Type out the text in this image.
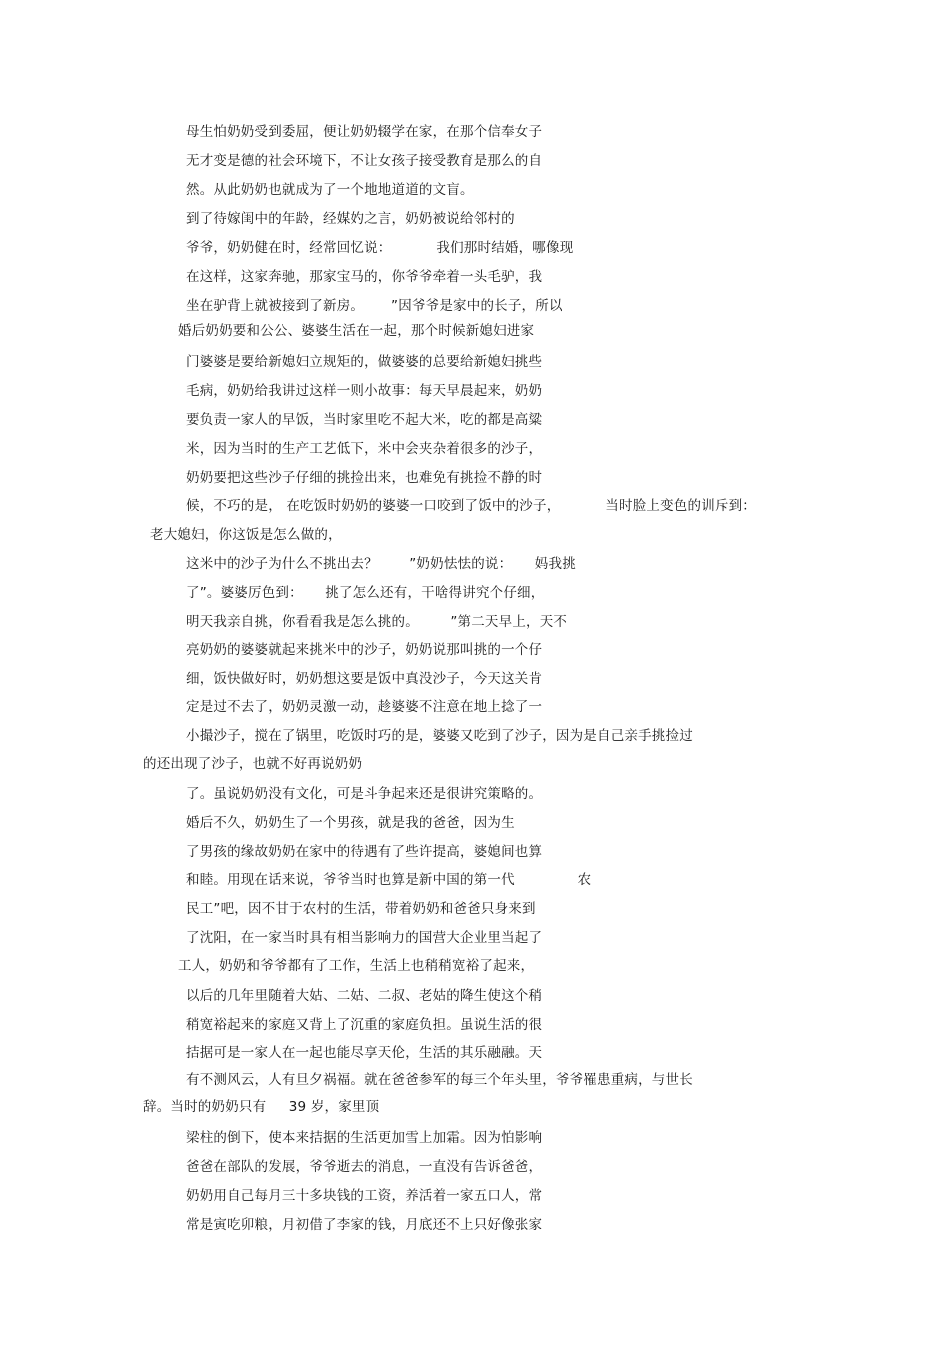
母生怕奶奶受到委屈，便让奶奶辍学在家，在那个信奉女子
无才变是德的社会环境下，不让女孩子接受教育是那么的自
然。从此奶奶也就成为了一个地地道道的文盲。
到了待嫁闺中的年龄，经媒妁之言，奶奶被说给邻村的
爷爷，奶奶健在时，经常回忆说：          我们那时结婚，哪像现
在这样，这家奔驰，那家宝马的，你爷爷牵着一头毛驴，我
坐在驴背上就被接到了新房。      ”因爷爷是家中的长子，所以
婚后奶奶要和公公、婆婆生活在一起，那个时候新媳妇进家
门婆婆是要给新媳妇立规矩的，做婆婆的总要给新媳妇挑些
毛病，奶奶给我讲过这样一则小故事：每天早晨起来，奶奶
要负责一家人的早饭，当时家里吃不起大米，吃的都是高粱
米，因为当时的生产工艺低下，米中会夹杂着很多的沙子，
奶奶要把这些沙子仔细的挑捡出来，也难免有挑捡不静的时
候，不巧的是， 在吃饭时奶奶的婆婆一口咬到了饭中的沙子，          当时脸上变色的训斥到：
老大媳妇，你这饭是怎么做的，
这米中的沙子为什么不挑出去？       ”奶奶怯怯的说：     妈我挑
了”。婆婆厉色到：     挑了怎么还有，干啥得讲究个仔细，
明天我亲自挑，你看看我是怎么挑的。       ”第二天早上，天不
亮奶奶的婆婆就起来挑米中的沙子，奶奶说那叫挑的一个仔
细，饭快做好时，奶奶想这要是饭中真没沙子，今天这关肯
定是过不去了，奶奶灵激一动，趁婆婆不注意在地上捻了一
小撮沙子，搅在了锅里，吃饭时巧的是，婆婆又吃到了沙子，因为是自己亲手挑捡过
的还出现了沙子，也就不好再说奶奶
了。虽说奶奶没有文化，可是斗争起来还是很讲究策略的。
婚后不久，奶奶生了一个男孩，就是我的爸爸，因为生
了男孩的缘故奶奶在家中的待遇有了些许提高，婆媳间也算
和睦。用现在话来说，爷爷当时也算是新中国的第一代              农
民工”吧，因不甘于农村的生活，带着奶奶和爸爸只身来到
了沈阳，在一家当时具有相当影响力的国营大企业里当起了
工人，奶奶和爷爷都有了工作，生活上也稍稍宽裕了起来，
以后的几年里随着大姑、二姑、二叔、老姑的降生使这个稍
稍宽裕起来的家庭又背上了沉重的家庭负担。虽说生活的很
拮据可是一家人在一起也能尽享天伦，生活的其乐融融。天
有不测风云，人有旦夕祸福。就在爸爸参军的每三个年头里，爷爷罹患重病，与世长
辞。当时的奶奶只有     39 岁，家里顶
梁柱的倒下，使本来拮据的生活更加雪上加霜。因为怕影响
爸爸在部队的发展，爷爷逝去的消息，一直没有告诉爸爸，
奶奶用自己每月三十多块钱的工资，养活着一家五口人，常
常是寅吃卯粮，月初借了李家的钱，月底还不上只好像张家
